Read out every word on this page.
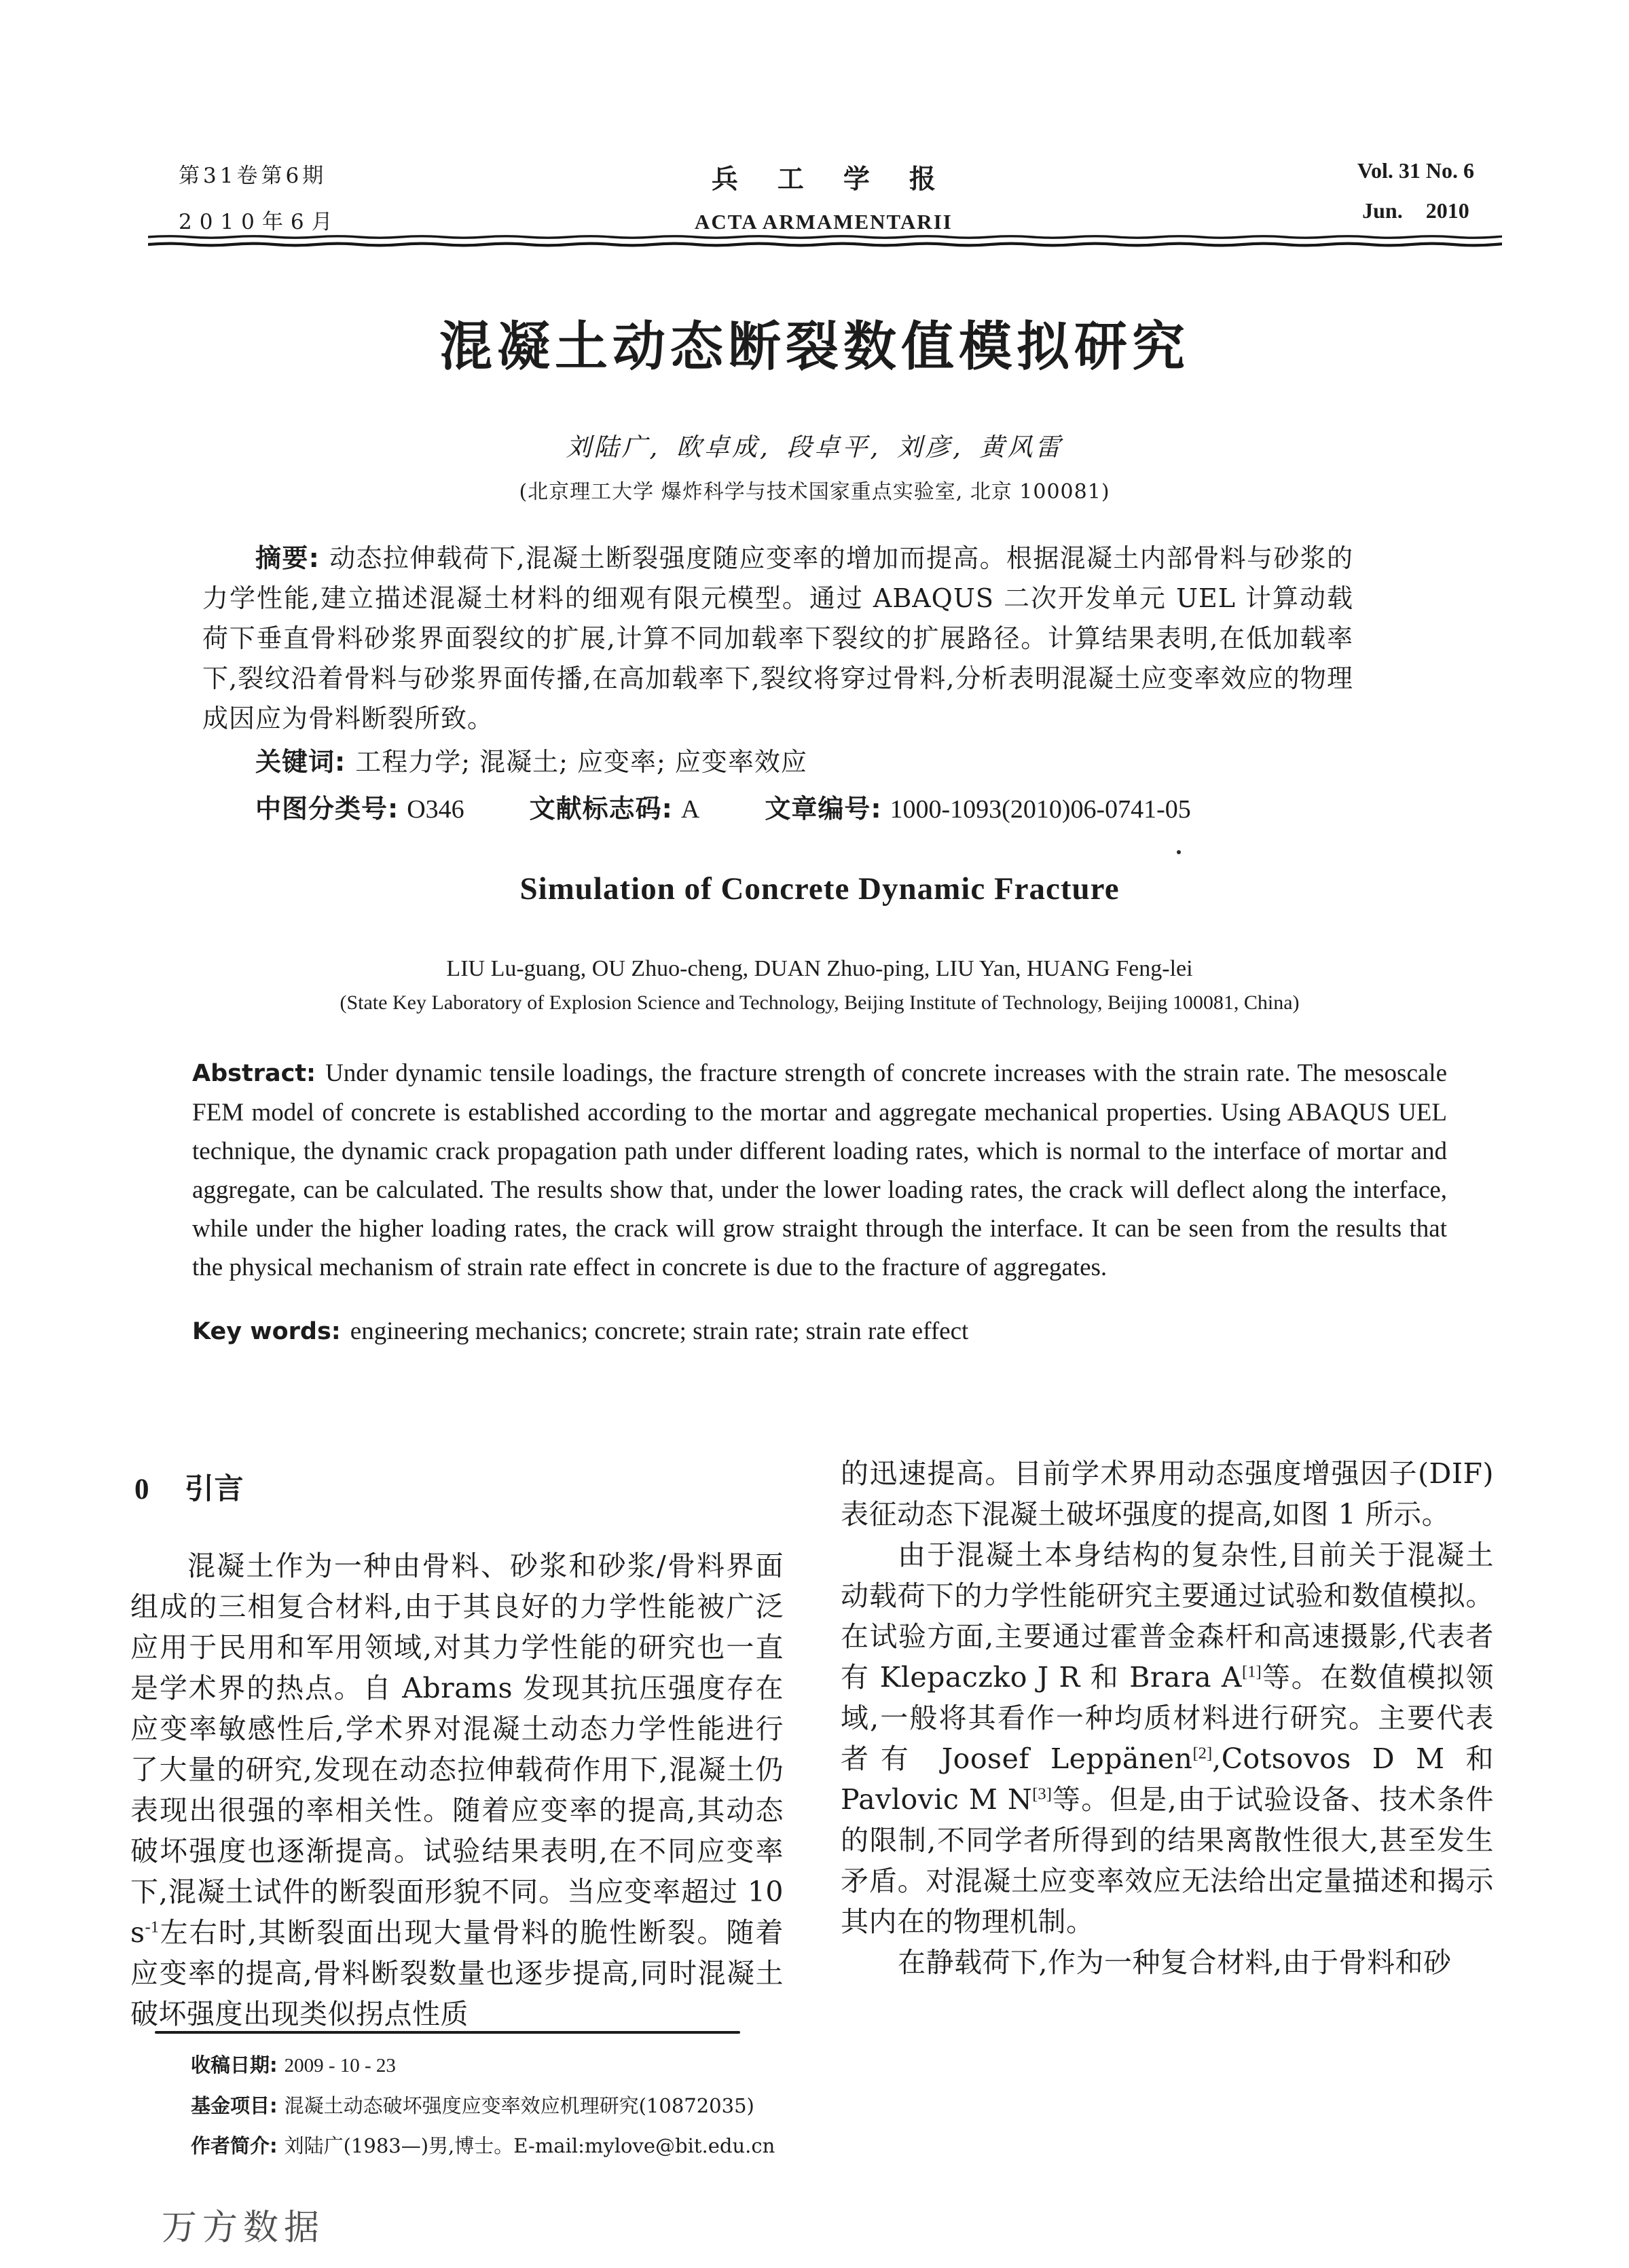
第31卷第6期
2010年6月
兵工学报
ACTA ARMAMENTARII
Vol. 31 No. 6
Jun. 2010
混凝土动态断裂数值模拟研究
刘陆广, 欧卓成, 段卓平, 刘彦, 黄风雷
(北京理工大学 爆炸科学与技术国家重点实验室, 北京 100081)

摘要: 动态拉伸载荷下,混凝土断裂强度随应变率的增加而提高。根据混凝土内部骨料与砂浆的力学性能,建立描述混凝土材料的细观有限元模型。通过 ABAQUS 二次开发单元 UEL 计算动载荷下垂直骨料砂浆界面裂纹的扩展,计算不同加载率下裂纹的扩展路径。计算结果表明,在低加载率下,裂纹沿着骨料与砂浆界面传播,在高加载率下,裂纹将穿过骨料,分析表明混凝土应变率效应的物理成因应为骨料断裂所致。

关键词: 工程力学; 混凝土; 应变率; 应变率效应

中图分类号: O346	文献标志码: A	文章编号: 1000-1093(2010)06-0741-05

Simulation of Concrete Dynamic Fracture
LIU Lu-guang, OU Zhuo-cheng, DUAN Zhuo-ping, LIU Yan, HUANG Feng-lei
(State Key Laboratory of Explosion Science and Technology, Beijing Institute of Technology, Beijing 100081, China)

Abstract: Under dynamic tensile loadings, the fracture strength of concrete increases with the strain rate. The mesoscale FEM model of concrete is established according to the mortar and aggregate mechanical properties. Using ABAQUS UEL technique, the dynamic crack propagation path under different loading rates, which is normal to the interface of mortar and aggregate, can be calculated. The results show that, under the lower loading rates, the crack will deflect along the interface, while under the higher loading rates, the crack will grow straight through the interface. It can be seen from the results that the physical mechanism of strain rate effect in concrete is due to the fracture of aggregates.

Key words: engineering mechanics; concrete; strain rate; strain rate effect

0 引言

混凝土作为一种由骨料、砂浆和砂浆/骨料界面组成的三相复合材料,由于其良好的力学性能被广泛应用于民用和军用领域,对其力学性能的研究也一直是学术界的热点。自 Abrams 发现其抗压强度存在应变率敏感性后,学术界对混凝土动态力学性能进行了大量的研究,发现在动态拉伸载荷作用下,混凝土仍表现出很强的率相关性。随着应变率的提高,其动态破坏强度也逐渐提高。试验结果表明,在不同应变率下,混凝土试件的断裂面形貌不同。当应变率超过 10 $s^{-1}$左右时,其断裂面出现大量骨料的脆性断裂。随着应变率的提高,骨料断裂数量也逐步提高,同时混凝土破坏强度出现类似拐点性质

的迅速提高。目前学术界用动态强度增强因子(DIF)表征动态下混凝土破坏强度的提高,如图 1 所示。

由于混凝土本身结构的复杂性,目前关于混凝土动载荷下的力学性能研究主要通过试验和数值模拟。在试验方面,主要通过霍普金森杆和高速摄影,代表者有 Klepaczko J R 和 Brara A[1]等。在数值模拟领域,一般将其看作一种均质材料进行研究。主要代表者有 Joosef Leppänen[2],Cotsovos D M 和 Pavlovic M N[3]等。但是,由于试验设备、技术条件的限制,不同学者所得到的结果离散性很大,甚至发生矛盾。对混凝土应变率效应无法给出定量描述和揭示其内在的物理机制。

在静载荷下,作为一种复合材料,由于骨料和砂

收稿日期: 2009 - 10 - 23
基金项目: 混凝土动态破坏强度应变率效应机理研究(10872035)
作者简介: 刘陆广(1983—)男,博士。E-mail:mylove@bit.edu.cn
万方数据
